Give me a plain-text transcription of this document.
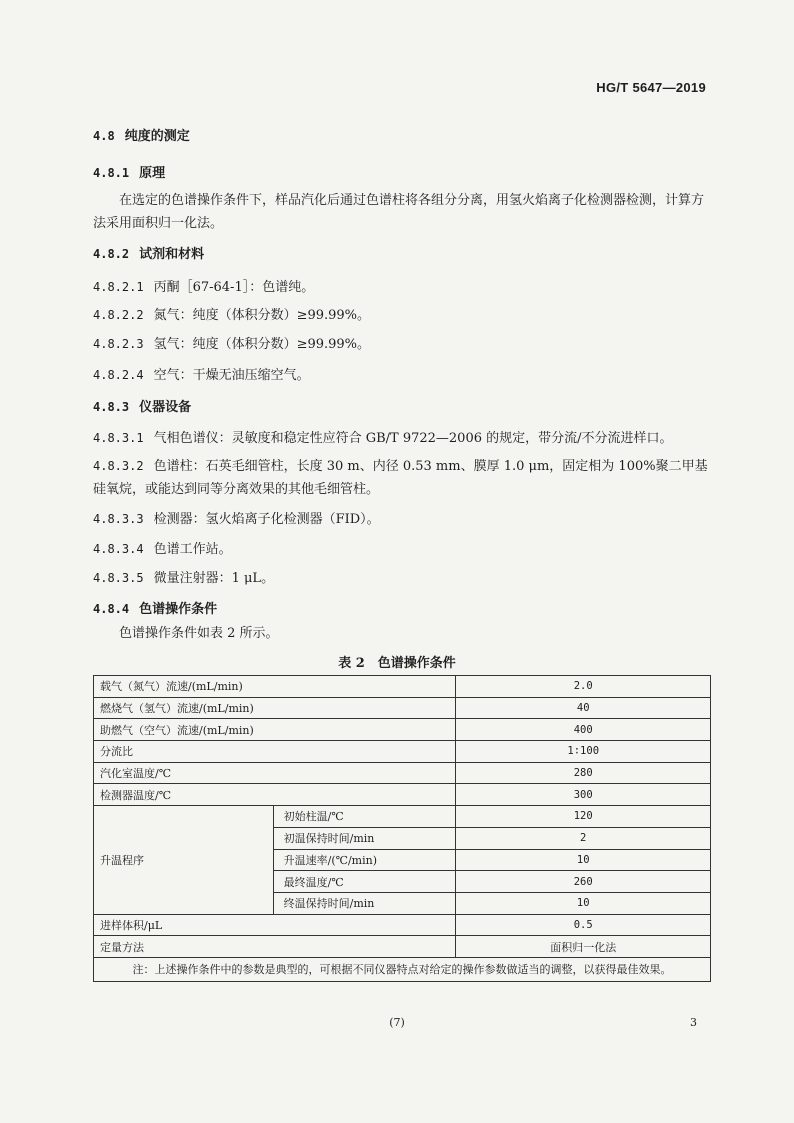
HG/T 5647—2019
4.8 纯度的测定
4.8.1 原理
在选定的色谱操作条件下，样品汽化后通过色谱柱将各组分分离，用氢火焰离子化检测器检测，计算方法采用面积归一化法。
4.8.2 试剂和材料
4.8.2.1 丙酮［67-64-1］：色谱纯。
4.8.2.2 氮气：纯度（体积分数）≥99.99%。
4.8.2.3 氢气：纯度（体积分数）≥99.99%。
4.8.2.4 空气：干燥无油压缩空气。
4.8.3 仪器设备
4.8.3.1 气相色谱仪：灵敏度和稳定性应符合 GB/T 9722—2006 的规定，带分流/不分流进样口。
4.8.3.2 色谱柱：石英毛细管柱，长度 30 m、内径 0.53 mm、膜厚 1.0 μm，固定相为 100%聚二甲基硅氧烷，或能达到同等分离效果的其他毛细管柱。
4.8.3.3 检测器：氢火焰离子化检测器（FID）。
4.8.3.4 色谱工作站。
4.8.3.5 微量注射器：1 μL。
4.8.4 色谱操作条件
色谱操作条件如表 2 所示。
表 2　色谱操作条件
载气（氮气）流速/(mL/min)		2.0
燃烧气（氢气）流速/(mL/min)		40
助燃气（空气）流速/(mL/min)		400
分流比		1∶100
汽化室温度/℃		280
检测器温度/℃		300
升温程序	初始柱温/℃	120
	初温保持时间/min	2
	升温速率/(℃/min)	10
	最终温度/℃	260
	终温保持时间/min	10
进样体积/μL		0.5
定量方法		面积归一化法
注：上述操作条件中的参数是典型的，可根据不同仪器特点对给定的操作参数做适当的调整，以获得最佳效果。		
(7)	3
